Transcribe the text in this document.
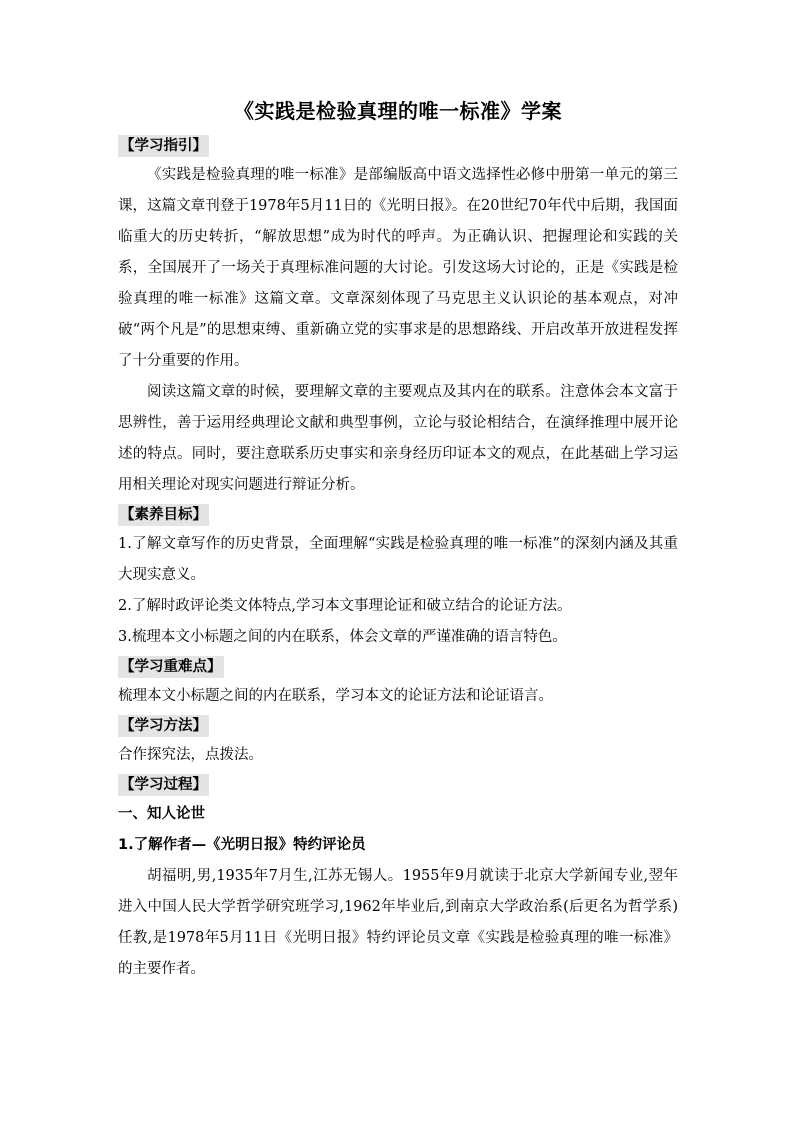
《实践是检验真理的唯一标准》学案
【学习指引】

《实践是检验真理的唯一标准》是部编版高中语文选择性必修中册第一单元的第三课，这篇文章刊登于1978年5月11日的《光明日报》。在20世纪70年代中后期，我国面临重大的历史转折，“解放思想”成为时代的呼声。为正确认识、把握理论和实践的关系，全国展开了一场关于真理标准问题的大讨论。引发这场大讨论的，正是《实践是检验真理的唯一标准》这篇文章。文章深刻体现了马克思主义认识论的基本观点，对冲破“两个凡是”的思想束缚、重新确立党的实事求是的思想路线、开启改革开放进程发挥了十分重要的作用。

阅读这篇文章的时候，要理解文章的主要观点及其内在的联系。注意体会本文富于思辨性，善于运用经典理论文献和典型事例，立论与驳论相结合，在演绎推理中展开论述的特点。同时，要注意联系历史事实和亲身经历印证本文的观点，在此基础上学习运用相关理论对现实问题进行辩证分析。

【素养目标】

1.了解文章写作的历史背景，全面理解“实践是检验真理的唯一标准”的深刻内涵及其重大现实意义。

2.了解时政评论类文体特点,学习本文事理论证和破立结合的论证方法。

3.梳理本文小标题之间的内在联系，体会文章的严谨准确的语言特色。

【学习重难点】

梳理本文小标题之间的内在联系，学习本文的论证方法和论证语言。

【学习方法】

合作探究法，点拨法。

【学习过程】

一、知人论世

1.了解作者—《光明日报》特约评论员

胡福明,男,1935年7月生,江苏无锡人。1955年9月就读于北京大学新闻专业,翌年进入中国人民大学哲学研究班学习,1962年毕业后,到南京大学政治系(后更名为哲学系)任教,是1978年5月11日《光明日报》特约评论员文章《实践是检验真理的唯一标准》的主要作者。
